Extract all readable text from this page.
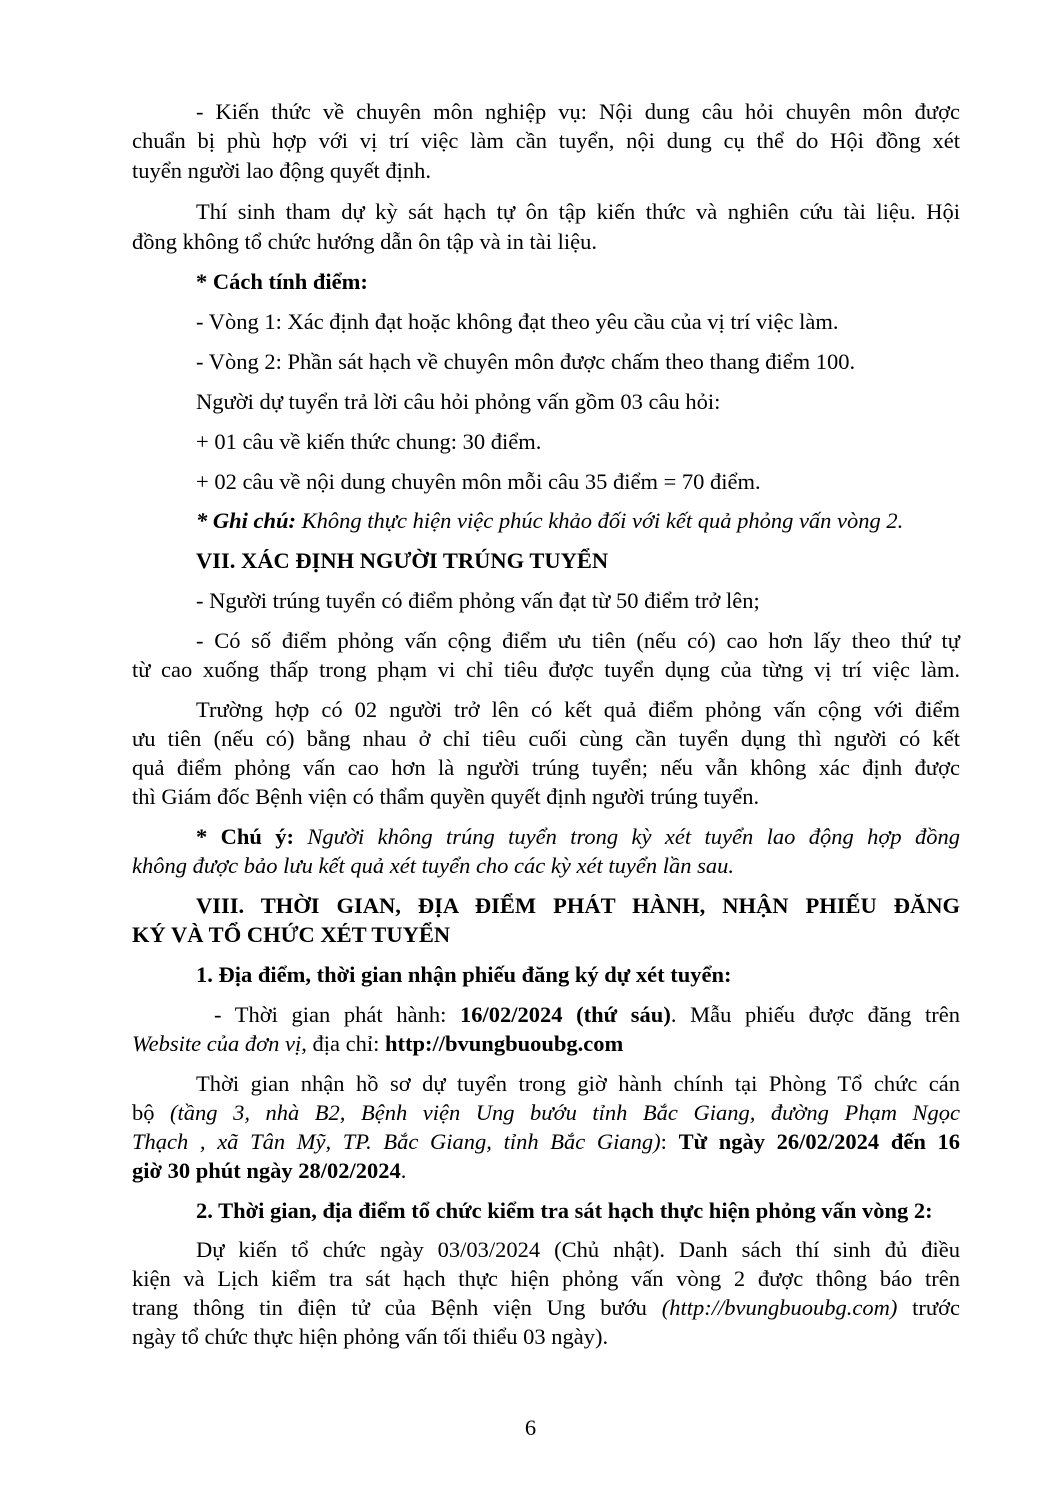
- Kiến thức về chuyên môn nghiệp vụ: Nội dung câu hỏi chuyên môn được
chuẩn bị phù hợp với vị trí việc làm cần tuyển, nội dung cụ thể do Hội đồng xét
tuyển người lao động quyết định.
Thí sinh tham dự kỳ sát hạch tự ôn tập kiến thức và nghiên cứu tài liệu. Hội
đồng không tổ chức hướng dẫn ôn tập và in tài liệu.
* Cách tính điểm:
- Vòng 1: Xác định đạt hoặc không đạt theo yêu cầu của vị trí việc làm.
- Vòng 2: Phần sát hạch về chuyên môn được chấm theo thang điểm 100.
Người dự tuyển trả lời câu hỏi phỏng vấn gồm 03 câu hỏi:
+ 01 câu về kiến thức chung: 30 điểm.
+ 02 câu về nội dung chuyên môn mỗi câu 35 điểm = 70 điểm.
* Ghi chú: Không thực hiện việc phúc khảo đối với kết quả phỏng vấn vòng 2.
VII. XÁC ĐỊNH NGƯỜI TRÚNG TUYỂN
- Người trúng tuyển có điểm phỏng vấn đạt từ 50 điểm trở lên;
- Có số điểm phỏng vấn cộng điểm ưu tiên (nếu có) cao hơn lấy theo thứ tự
từ cao xuống thấp trong phạm vi chỉ tiêu được tuyển dụng của từng vị trí việc làm.
Trường hợp có 02 người trở lên có kết quả điểm phỏng vấn cộng với điểm
ưu tiên (nếu có) bằng nhau ở chỉ tiêu cuối cùng cần tuyển dụng thì người có kết
quả điểm phỏng vấn cao hơn là người trúng tuyển; nếu vẫn không xác định được
thì Giám đốc Bệnh viện có thẩm quyền quyết định người trúng tuyển.
* Chú ý: Người không trúng tuyển trong kỳ xét tuyển lao động hợp đồng
không được bảo lưu kết quả xét tuyển cho các kỳ xét tuyển lần sau.
VIII. THỜI GIAN, ĐỊA ĐIỂM PHÁT HÀNH, NHẬN PHIẾU ĐĂNG
KÝ VÀ TỔ CHỨC XÉT TUYỂN
1. Địa điểm, thời gian nhận phiếu đăng ký dự xét tuyển:
- Thời gian phát hành: 16/02/2024 (thứ sáu). Mẫu phiếu được đăng trên
Website của đơn vị, địa chỉ: http://bvungbuoubg.com
Thời gian nhận hồ sơ dự tuyển trong giờ hành chính tại Phòng Tổ chức cán
bộ (tầng 3, nhà B2, Bệnh viện Ung bướu tỉnh Bắc Giang, đường Phạm Ngọc
Thạch , xã Tân Mỹ, TP. Bắc Giang, tỉnh Bắc Giang): Từ ngày 26/02/2024 đến 16
giờ 30 phút ngày 28/02/2024.
2. Thời gian, địa điểm tổ chức kiểm tra sát hạch thực hiện phỏng vấn vòng 2:
Dự kiến tổ chức ngày 03/03/2024 (Chủ nhật). Danh sách thí sinh đủ điều
kiện và Lịch kiểm tra sát hạch thực hiện phỏng vấn vòng 2 được thông báo trên
trang thông tin điện tử của Bệnh viện Ung bướu (http://bvungbuoubg.com) trước
ngày tổ chức thực hiện phỏng vấn tối thiểu 03 ngày).
6
